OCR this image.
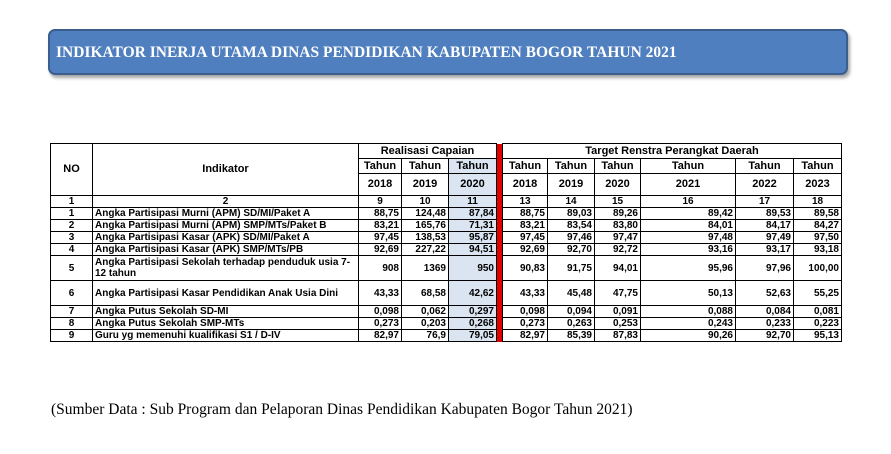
INDIKATOR INERJA UTAMA DINAS PENDIDIKAN KABUPATEN BOGOR TAHUN 2021
NO	Indikator	Realisasi Capaian				Target Renstra Perangkat Daerah					
		Tahun	Tahun	Tahun		Tahun	Tahun	Tahun	Tahun	Tahun	Tahun
		2018	2019	2020		2018	2019	2020	2021	2022	2023
1	2	9	10	11		13	14	15	16	17	18
1	Angka Partisipasi Murni (APM) SD/MI/Paket A	88,75	124,48	87,84		88,75	89,03	89,26	89,42	89,53	89,58
2	Angka Partisipasi Murni (APM) SMP/MTs/Paket B	83,21	165,76	71,31		83,21	83,54	83,80	84,01	84,17	84,27
3	Angka Partisipasi Kasar (APK) SD/MI/Paket A	97,45	138,53	95,87		97,45	97,46	97,47	97,48	97,49	97,50
4	Angka Partisipasi Kasar (APK) SMP/MTs/PB	92,69	227,22	94,51		92,69	92,70	92,72	93,16	93,17	93,18
5	Angka Partisipasi Sekolah terhadap penduduk usia 7-12 tahun	908	1369	950		90,83	91,75	94,01	95,96	97,96	100,00
6	Angka Partisipasi Kasar Pendidikan Anak Usia Dini	43,33	68,58	42,62		43,33	45,48	47,75	50,13	52,63	55,25
7	Angka Putus Sekolah SD-MI	0,098	0,062	0,297		0,098	0,094	0,091	0,088	0,084	0,081
8	Angka Putus Sekolah SMP-MTs	0,273	0,203	0,268		0,273	0,263	0,253	0,243	0,233	0,223
9	Guru yg memenuhi kualifikasi S1 / D-IV	82,97	76,9	79,05		82,97	85,39	87,83	90,26	92,70	95,13
(Sumber Data : Sub Program dan Pelaporan Dinas Pendidikan Kabupaten Bogor Tahun 2021)
